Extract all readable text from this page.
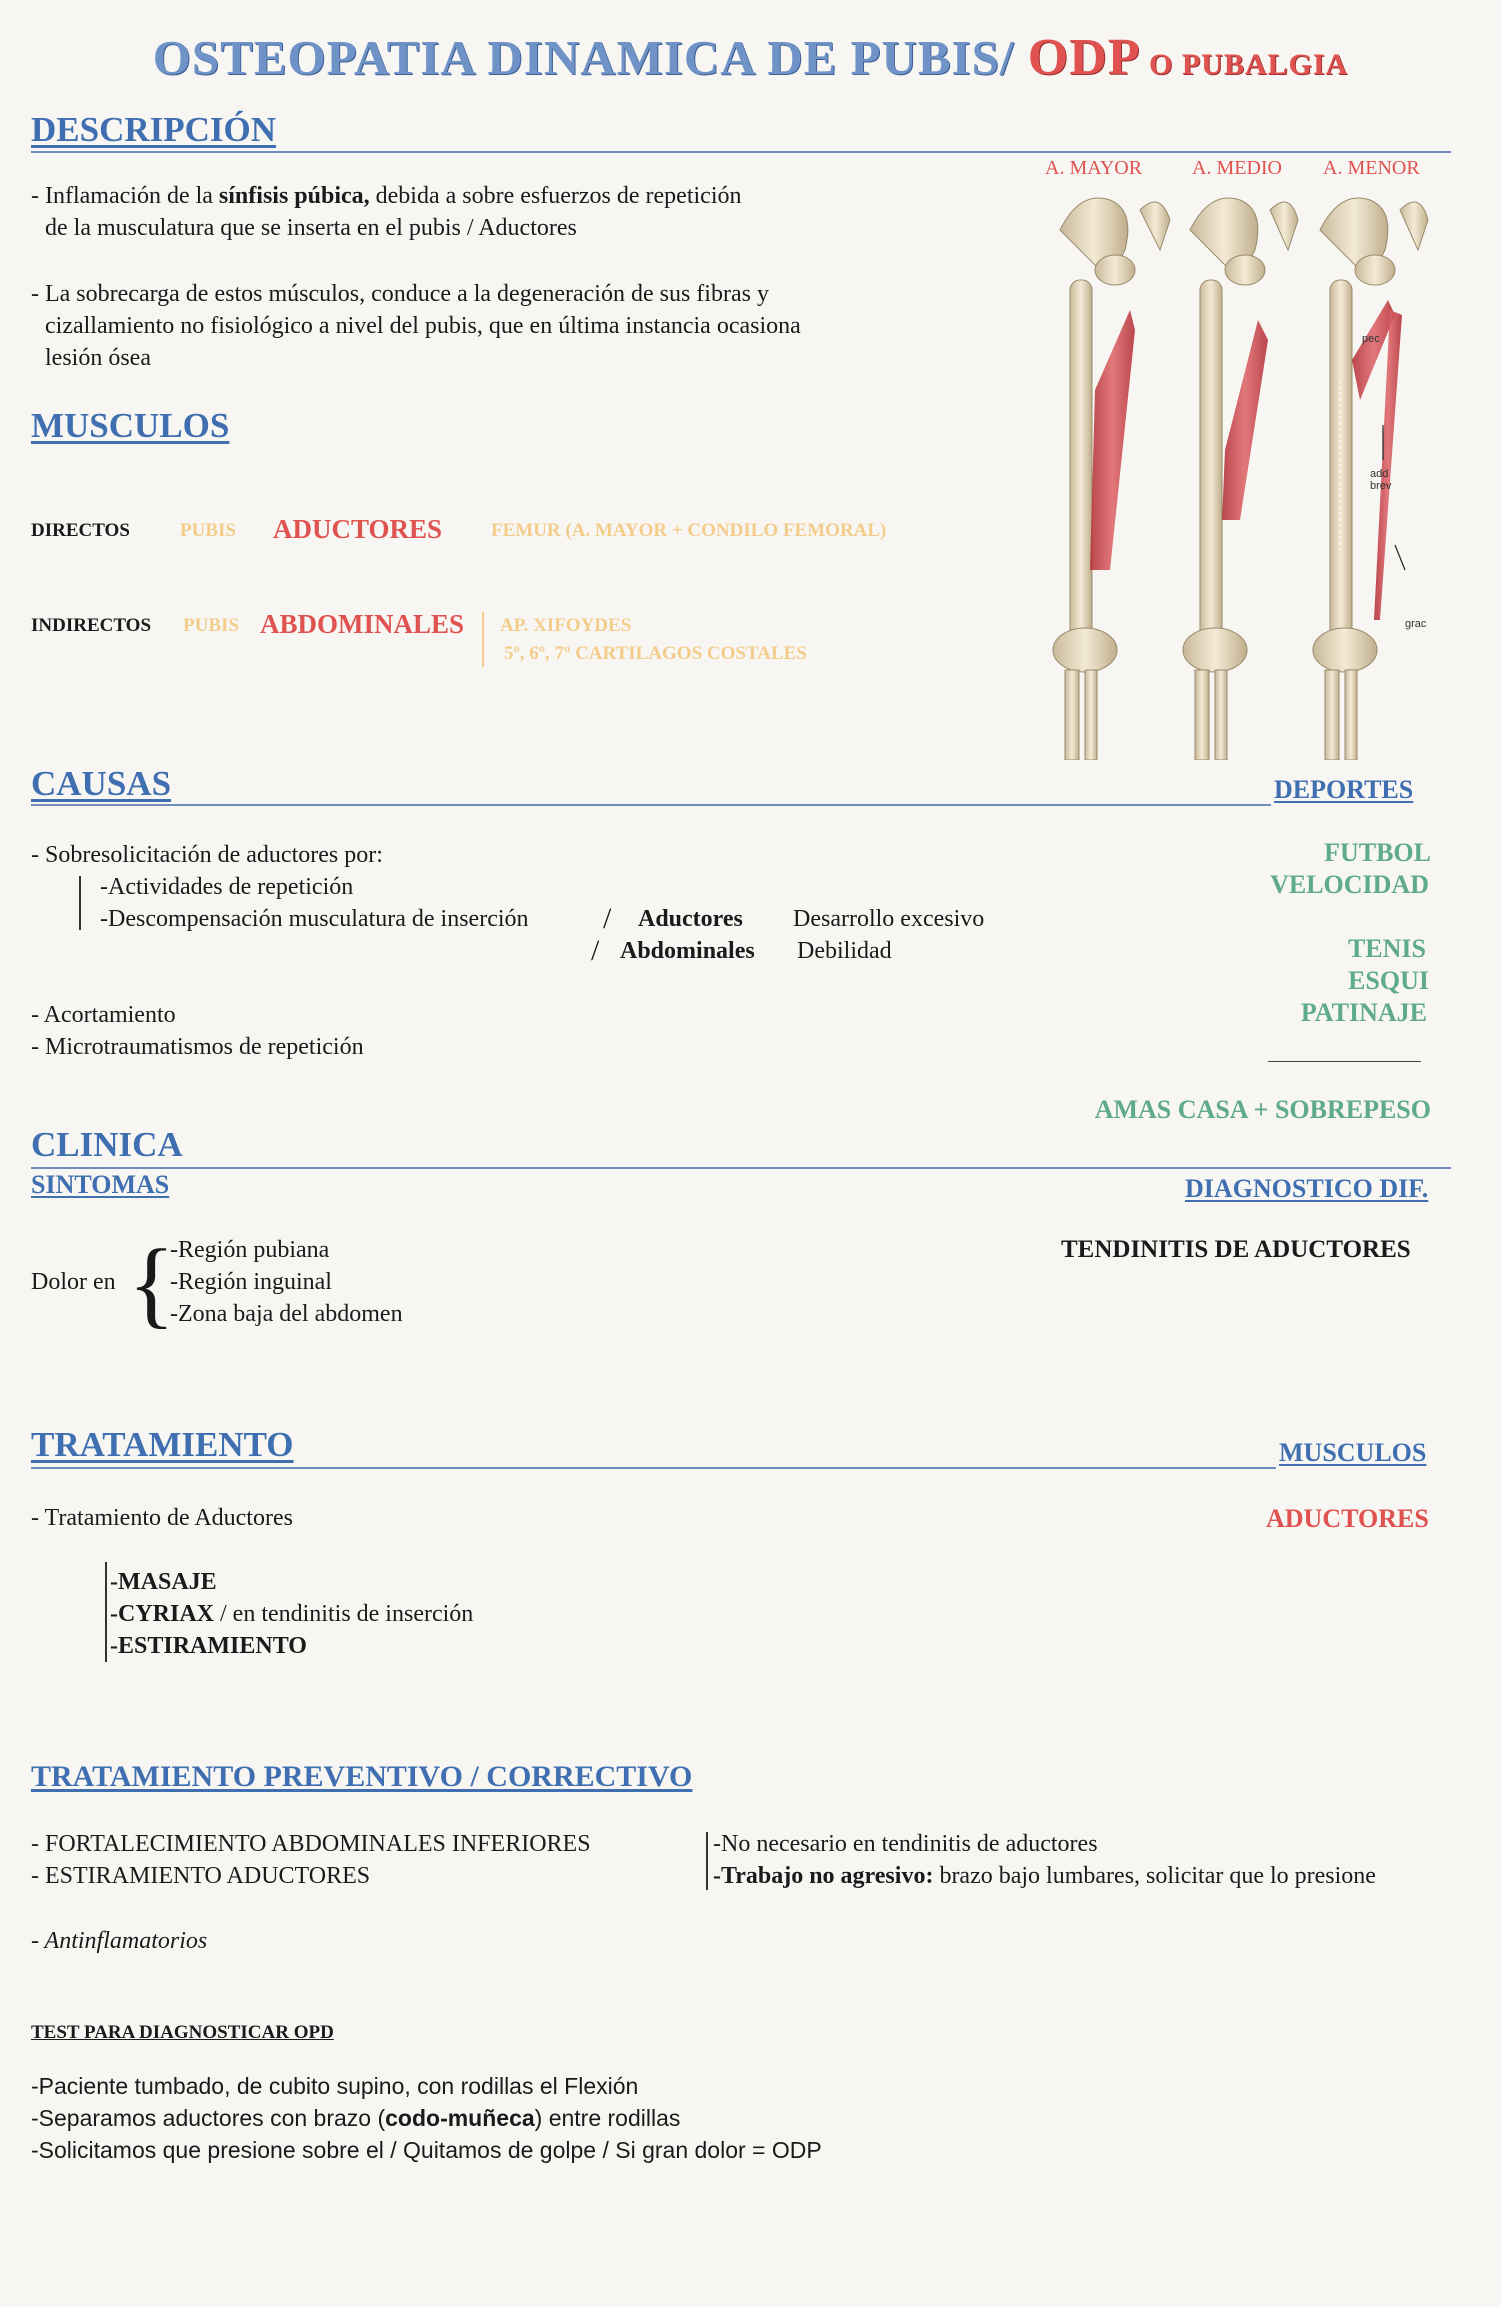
OSTEOPATIA DINAMICA DE PUBIS/ ODP O PUBALGIA
DESCRIPCIÓN
- Inflamación de la sínfisis púbica, debida a sobre esfuerzos de repetición
de la musculatura que se inserta en el pubis / Aductores
- La sobrecarga de estos músculos, conduce a la degeneración de sus fibras y
cizallamiento no fisiológico a nivel del pubis, que en última instancia ocasiona
lesión ósea
A. MAYOR A. MEDIO A. MENOR
pec
add brev
grac
MUSCULOS
DIRECTOS	PUBIS ADUCTORES	FEMUR (A. MAYOR + CONDILO FEMORAL)
INDIRECTOS PUBIS ABDOMINALES AP. XIFOYDES
5º, 6º, 7º CARTILAGOS COSTALES
CAUSAS	DEPORTES
- Sobresolicitación de aductores por:
-Actividades de repetición
-Descompensación musculatura de inserción /
/
Aductores Desarrollo excesivo
Abdominales Debilidad
- Acortamiento
- Microtraumatismos de repetición
FUTBOL
VELOCIDAD
TENIS
ESQUI
PATINAJE
AMAS CASA + SOBREPESO
CLINICA
SINTOMAS	DIAGNOSTICO DIF.
Dolor en {
-Región pubiana
-Región inguinal
-Zona baja del abdomen
TENDINITIS DE ADUCTORES
TRATAMIENTO	MUSCULOS
ADUCTORES
- Tratamiento de Aductores
-MASAJE
-CYRIAX / en tendinitis de inserción
-ESTIRAMIENTO
TRATAMIENTO PREVENTIVO / CORRECTIVO
- FORTALECIMIENTO ABDOMINALES INFERIORES
- ESTIRAMIENTO ADUCTORES
-No necesario en tendinitis de aductores
-Trabajo no agresivo: brazo bajo lumbares, solicitar que lo presione
- Antinflamatorios
TEST PARA DIAGNOSTICAR OPD
-Paciente tumbado, de cubito supino, con rodillas el Flexión
-Separamos aductores con brazo (codo-muñeca) entre rodillas
-Solicitamos que presione sobre el / Quitamos de golpe / Si gran dolor = ODP
